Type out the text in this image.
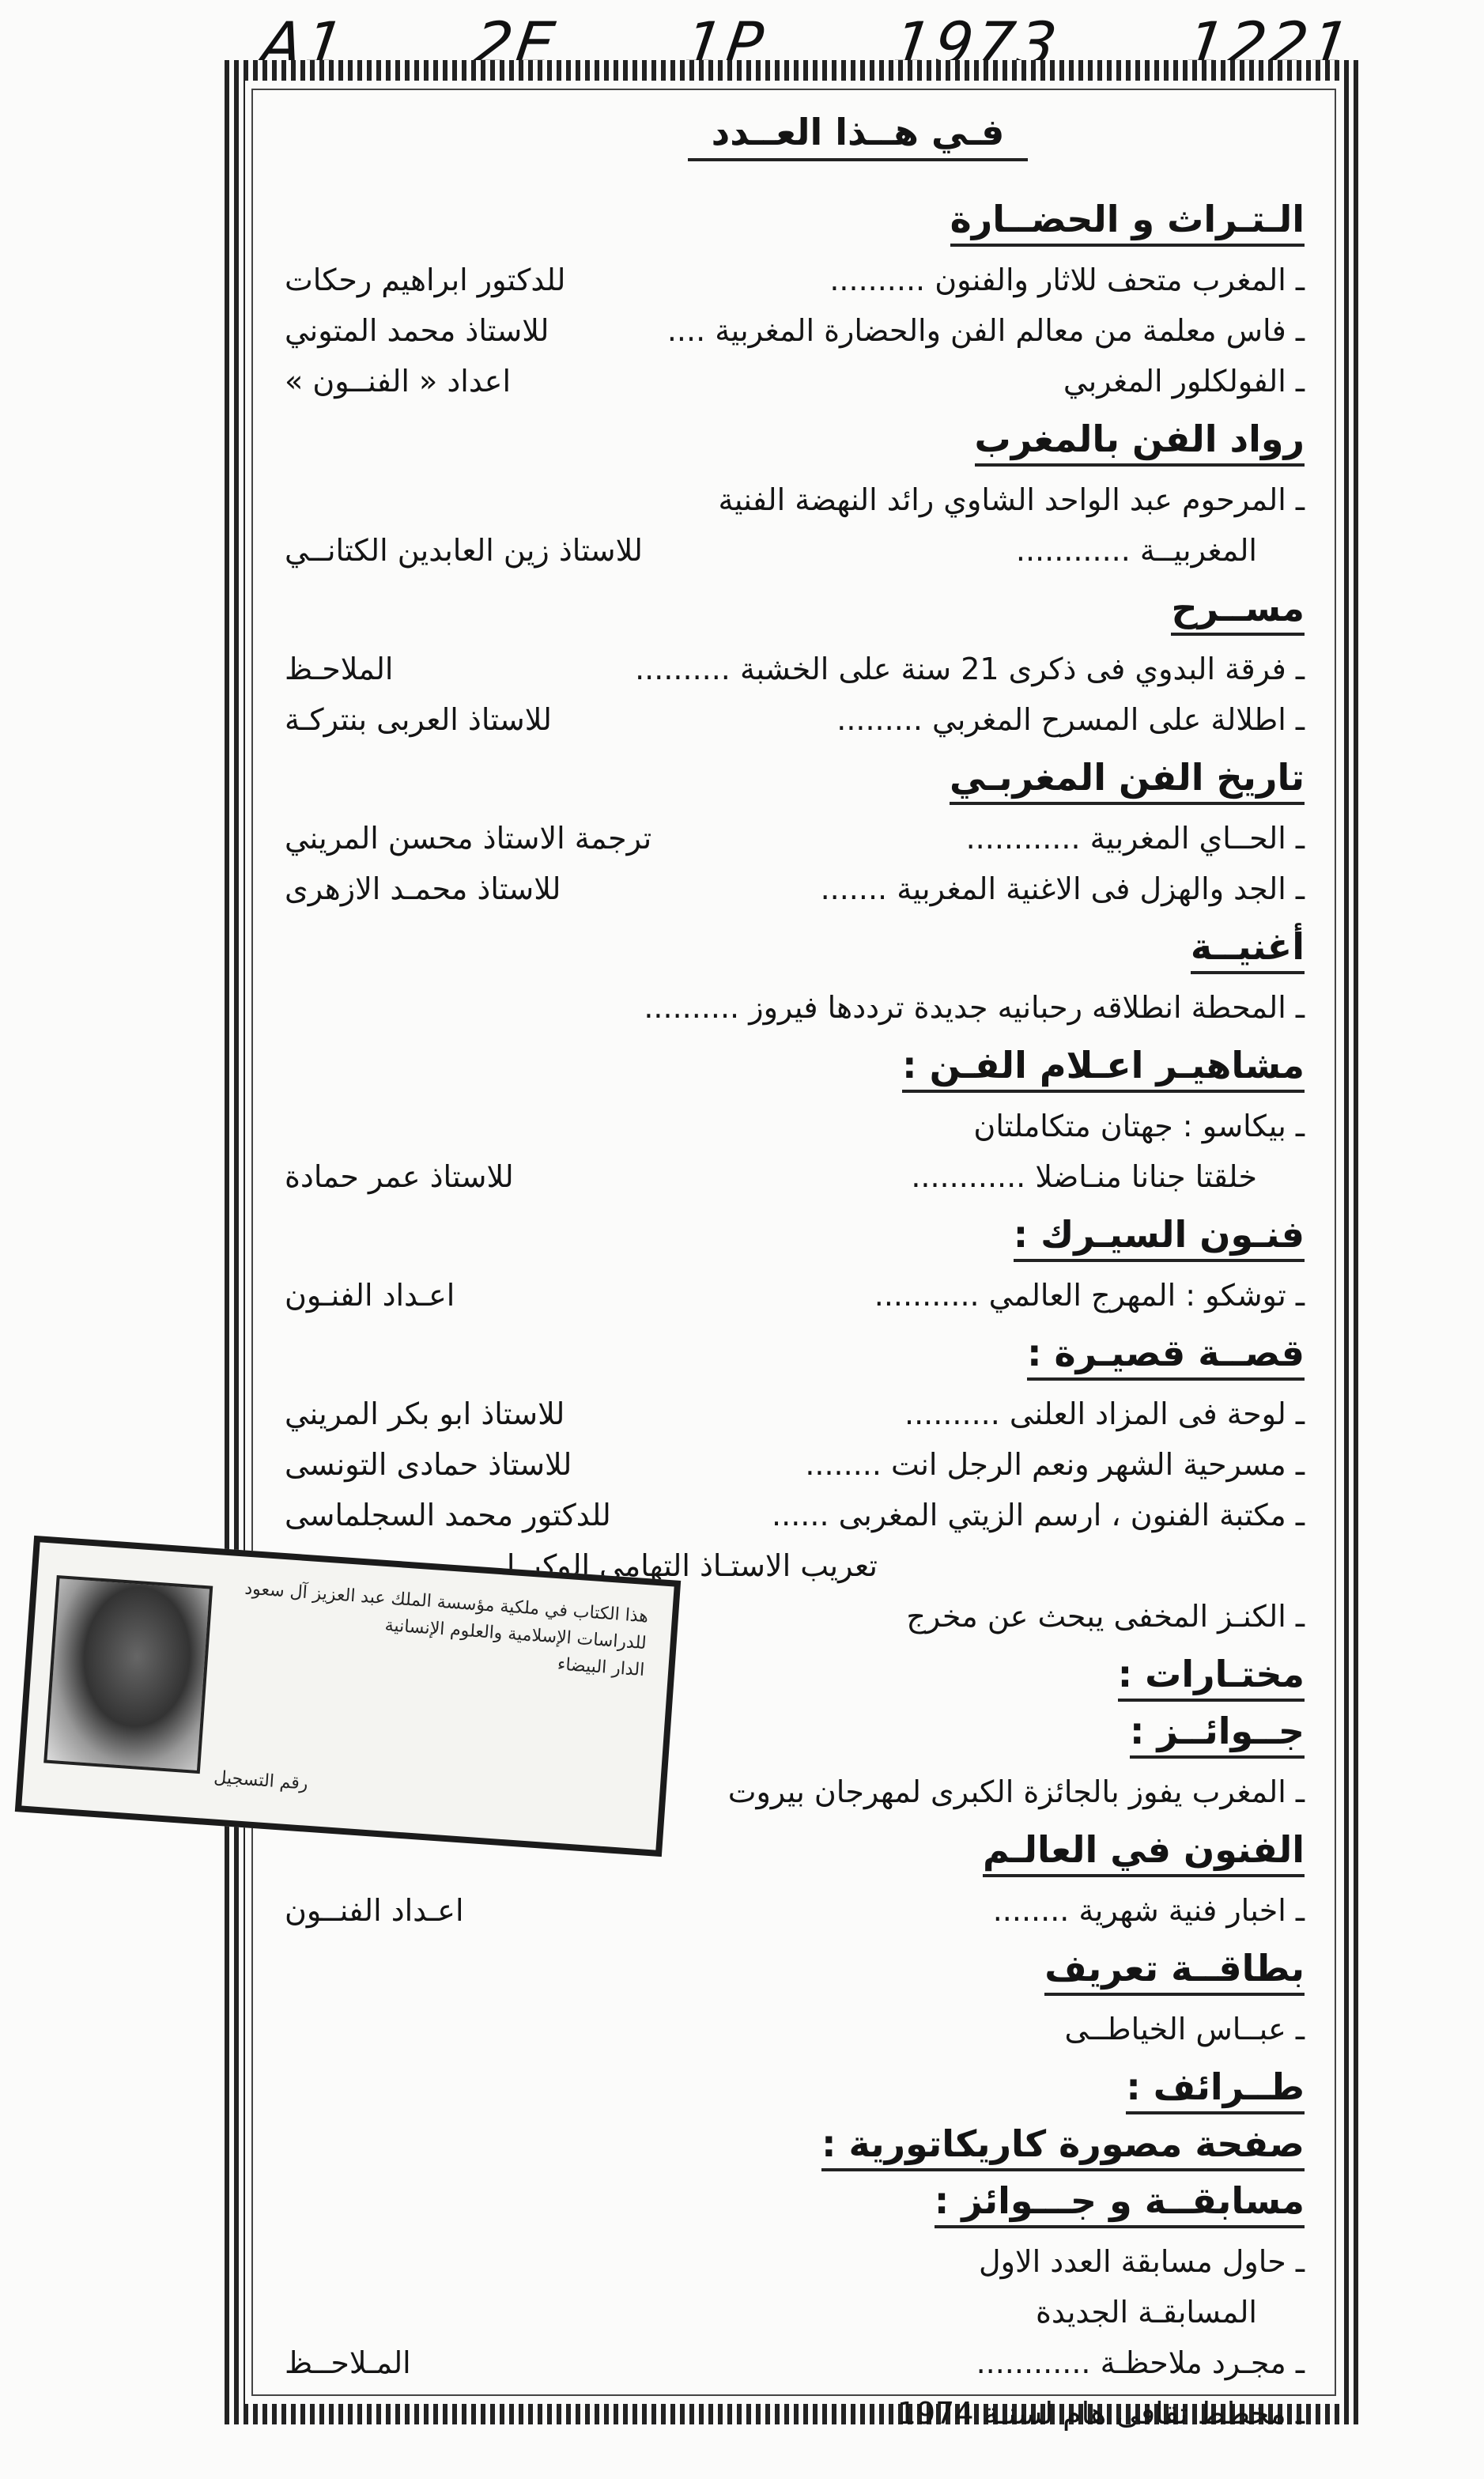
A1 2E 1P 1973 1221
فـي هــذا العــدد
الـتـراث و الحضــارة
ـ المغرب متحف للاثار والفنون ..........
للدكتور ابراهيم رحكات
ـ فاس معلمة من معالم الفن والحضارة المغربية ....
للاستاذ محمد المتوني
ـ الفولكلور المغربي
اعداد « الفنــون »
رواد الفن بالمغرب
ـ المرحوم عبد الواحد الشاوي رائد النهضة الفنية
المغربيــة ............
للاستاذ زين العابدين الكتانــي
مســرح
ـ فرقة البدوي فى ذكرى 21 سنة على الخشبة ..........
الملاحـظ
ـ اطلالة على المسرح المغربي .........
للاستاذ العربى بنتركـة
تاريخ الفن المغربـي
ـ الحــاي المغربية ............
ترجمة الاستاذ محسن المريني
ـ الجد والهزل فى الاغنية المغربية .......
للاستاذ محمـد الازهرى
أغنيــة
ـ المحطة انطلاقه رحبانيه جديدة ترددها فيروز ..........
مشاهيـر اعـلام الفـن :
ـ بيكاسو : جهتان متكاملتان
خلقتا جنانا منـاضلا ............
للاستاذ عمر حمادة
فنـون السيـرك :
ـ توشكو : المهرج العالمي ...........
اعـداد الفنـون
قصــة قصيـرة :
ـ لوحة فى المزاد العلنى ..........
للاستاذ ابو بكر المريني
ـ مسرحية الشهر ونعم الرجل انت ........
للاستاذ حمادى التونسى
ـ مكتبة الفنون ، ارسم الزيتي المغربى ......
للدكتور محمد السجلماسى
تعريب الاستـاذ التهامى الوكيــلى
ـ الكنـز المخفى يبحث عن مخرج
مختـارات :
جــوائــز :
ـ المغرب يفوز بالجائزة الكبرى لمهرجان بيروت
الفنون في العالـم
ـ اخبار فنية شهرية ........
اعـداد الفنــون
بطاقــة تعريف
ـ عبــاس الخياطــى
طــرائف :
صفحة مصورة كاريكاتورية :
مسابقــة و جـــوائز :
ـ حاول مسابقة العدد الاول
المسابقـة الجديدة
ـ مجـرد ملاحظـة ............
المـلاحــظ
ـ مخطط ثقافى هام لسنـة 1974
هذا الكتاب في ملكية مؤسسة الملك عبد العزيز آل سعود
للدراسات الإسلامية والعلوم الإنسانية
الدار البيضاء
رقم التسجيل
